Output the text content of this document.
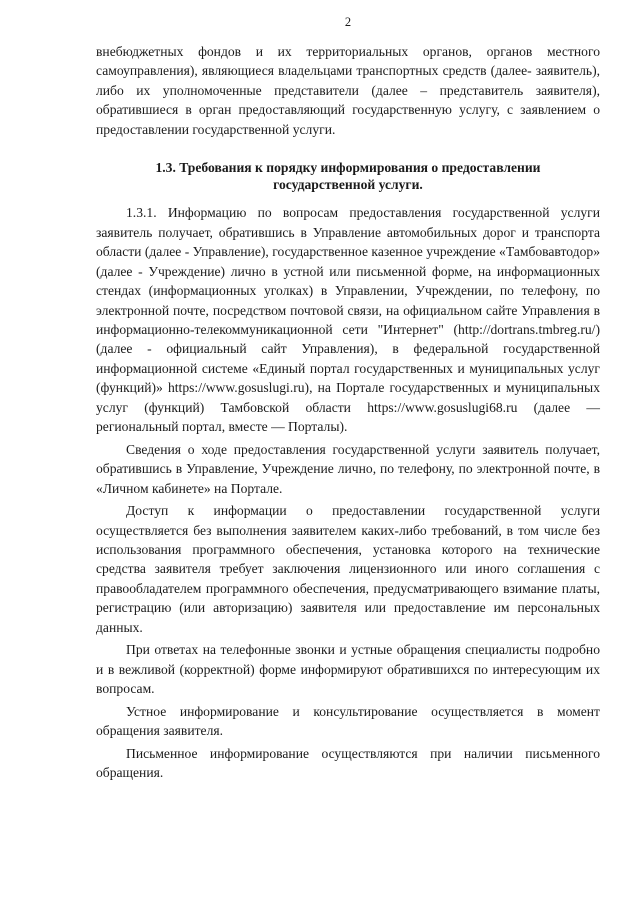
2

внебюджетных фондов и их территориальных органов, органов местного самоуправления), являющиеся владельцами транспортных средств (далее- заявитель), либо их уполномоченные представители (далее – представитель заявителя), обратившиеся в орган предоставляющий государственную услугу, с заявлением о предоставлении государственной услуги.

1.3. Требования к порядку информирования о предоставлении
государственной услуги.

1.3.1. Информацию по вопросам предоставления государственной услуги заявитель получает, обратившись в Управление автомобильных дорог и транспорта области (далее - Управление), государственное казенное учреждение «Тамбовавтодор» (далее - Учреждение) лично в устной или письменной форме, на информационных стендах (информационных уголках) в Управлении, Учреждении, по телефону, по электронной почте, посредством почтовой связи, на официальном сайте Управления в информационно-телекоммуникационной сети "Интернет" (http://dortrans.tmbreg.ru/) (далее - официальный сайт Управления), в федеральной государственной информационной системе «Единый портал государственных и муниципальных услуг (функций)» https://www.gosuslugi.ru), на Портале государственных и муниципальных услуг (функций) Тамбовской области https://www.gosuslugi68.ru (далее — региональный портал, вместе — Порталы).

Сведения о ходе предоставления государственной услуги заявитель получает, обратившись в Управление, Учреждение лично, по телефону, по электронной почте, в «Личном кабинете» на Портале.

Доступ к информации о предоставлении государственной услуги осуществляется без выполнения заявителем каких-либо требований, в том числе без использования программного обеспечения, установка которого на технические средства заявителя требует заключения лицензионного или иного соглашения с правообладателем программного обеспечения, предусматривающего взимание платы, регистрацию (или авторизацию) заявителя или предоставление им персональных данных.

При ответах на телефонные звонки и устные обращения специалисты подробно и в вежливой (корректной) форме информируют обратившихся по интересующим их вопросам.

Устное информирование и консультирование осуществляется в момент обращения заявителя.

Письменное информирование осуществляются при наличии письменного обращения.
